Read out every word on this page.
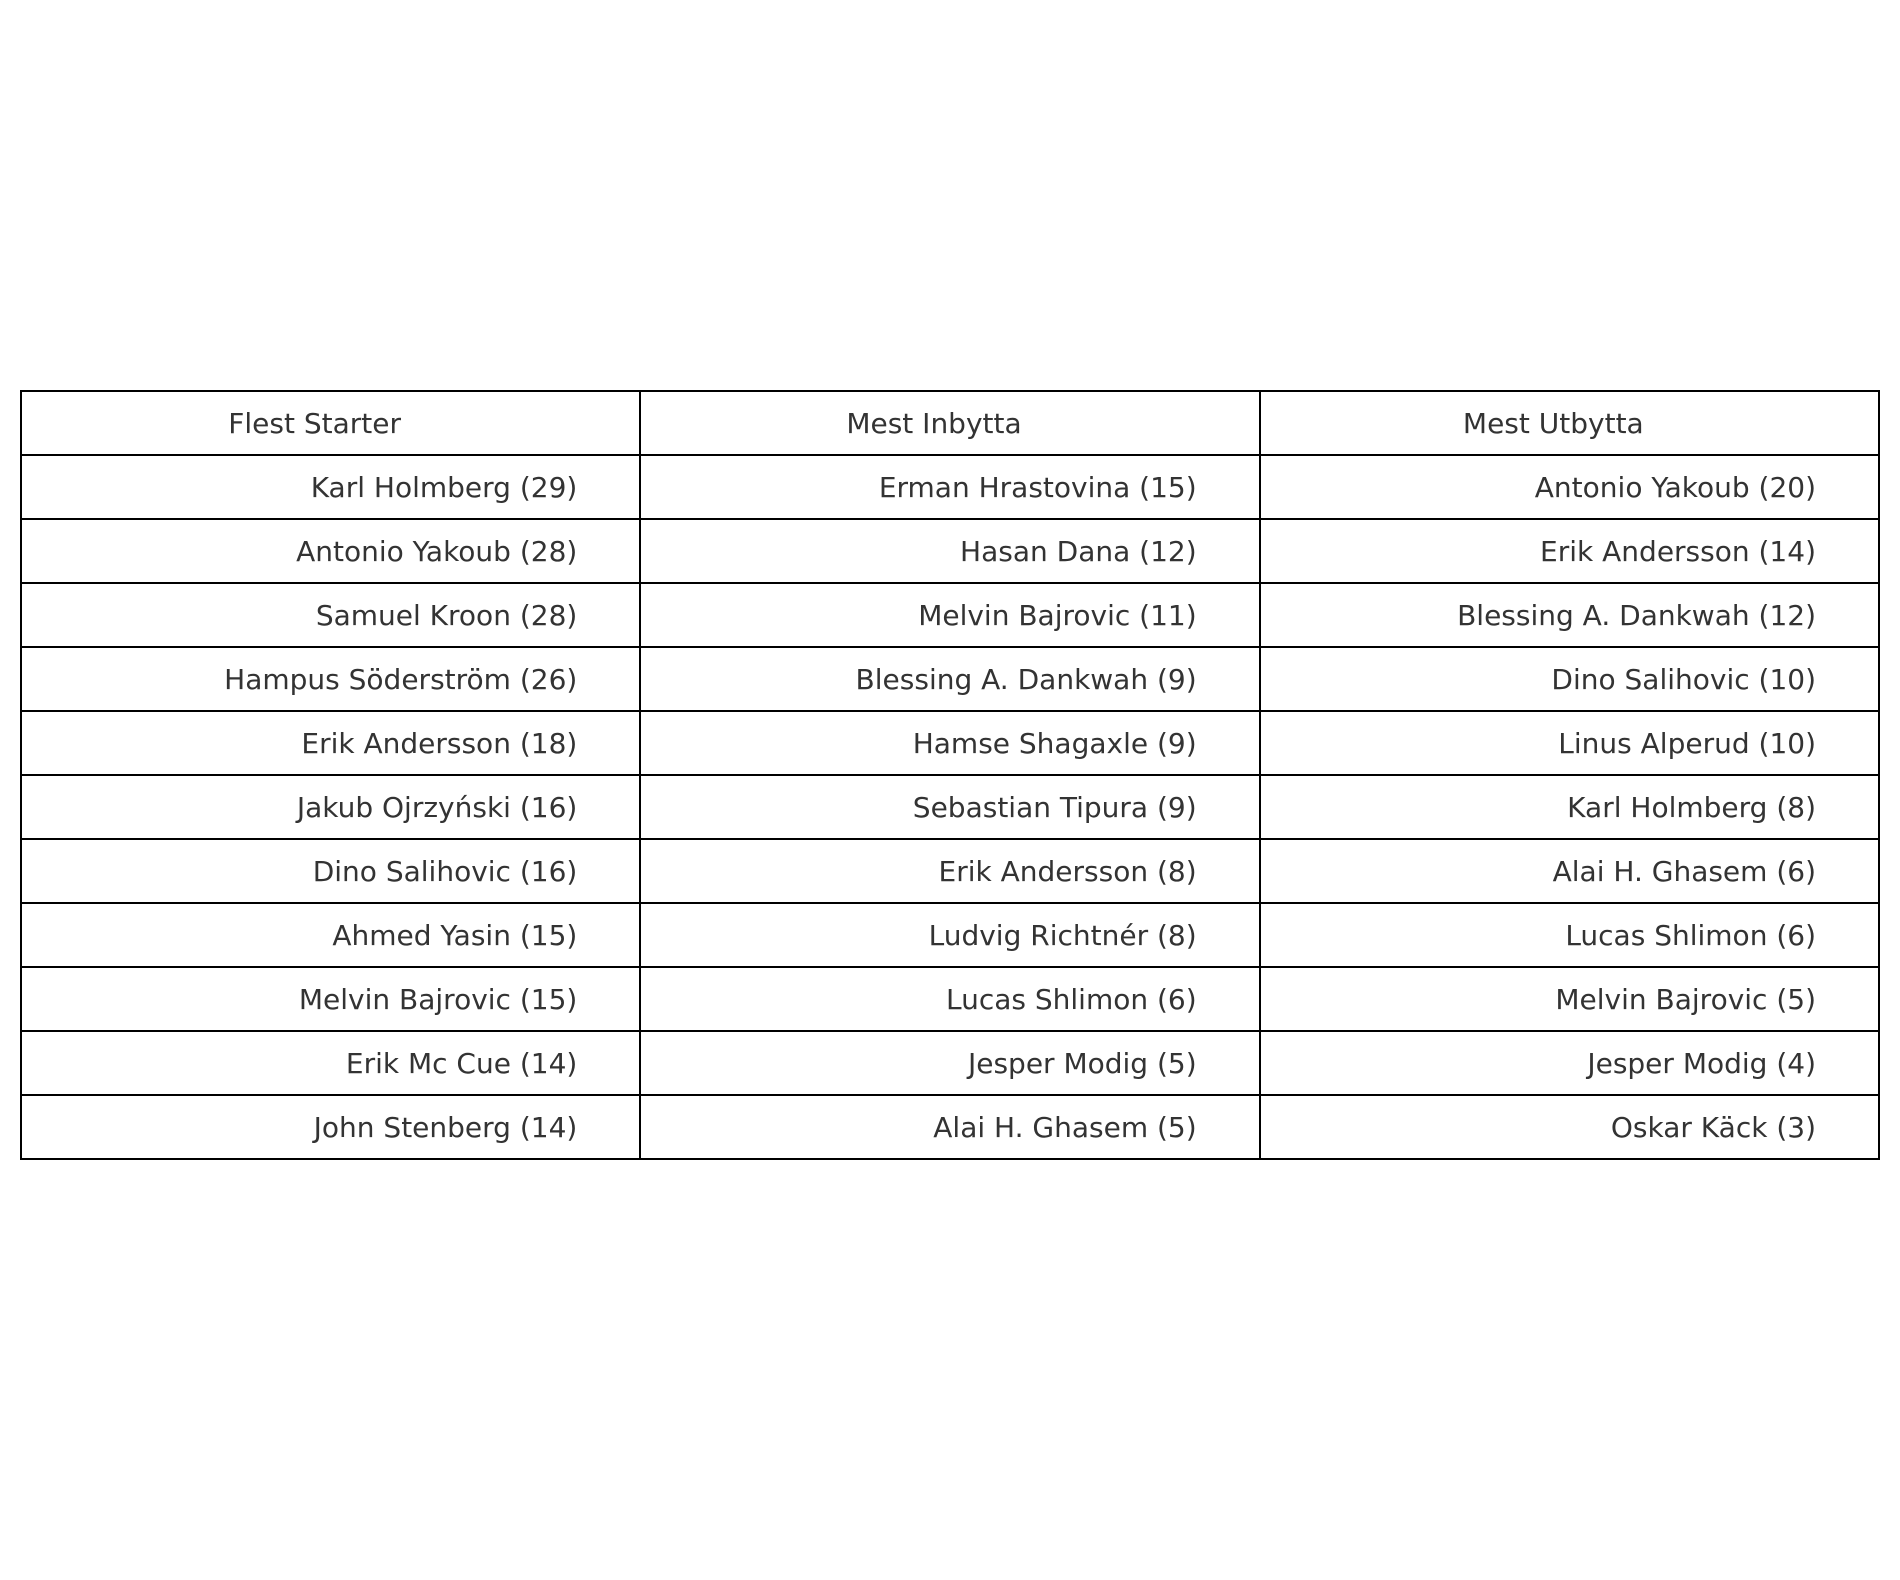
Flest Starter	Mest Inbytta	Mest Utbytta
Karl Holmberg (29)	Erman Hrastovina (15)	Antonio Yakoub (20)
Antonio Yakoub (28)	Hasan Dana (12)	Erik Andersson (14)
Samuel Kroon (28)	Melvin Bajrovic (11)	Blessing A. Dankwah (12)
Hampus Söderström (26)	Blessing A. Dankwah (9)	Dino Salihovic (10)
Erik Andersson (18)	Hamse Shagaxle (9)	Linus Alperud (10)
Jakub Ojrzyński (16)	Sebastian Tipura (9)	Karl Holmberg (8)
Dino Salihovic (16)	Erik Andersson (8)	Alai H. Ghasem (6)
Ahmed Yasin (15)	Ludvig Richtnér (8)	Lucas Shlimon (6)
Melvin Bajrovic (15)	Lucas Shlimon (6)	Melvin Bajrovic (5)
Erik Mc Cue (14)	Jesper Modig (5)	Jesper Modig (4)
John Stenberg (14)	Alai H. Ghasem (5)	Oskar Käck (3)
